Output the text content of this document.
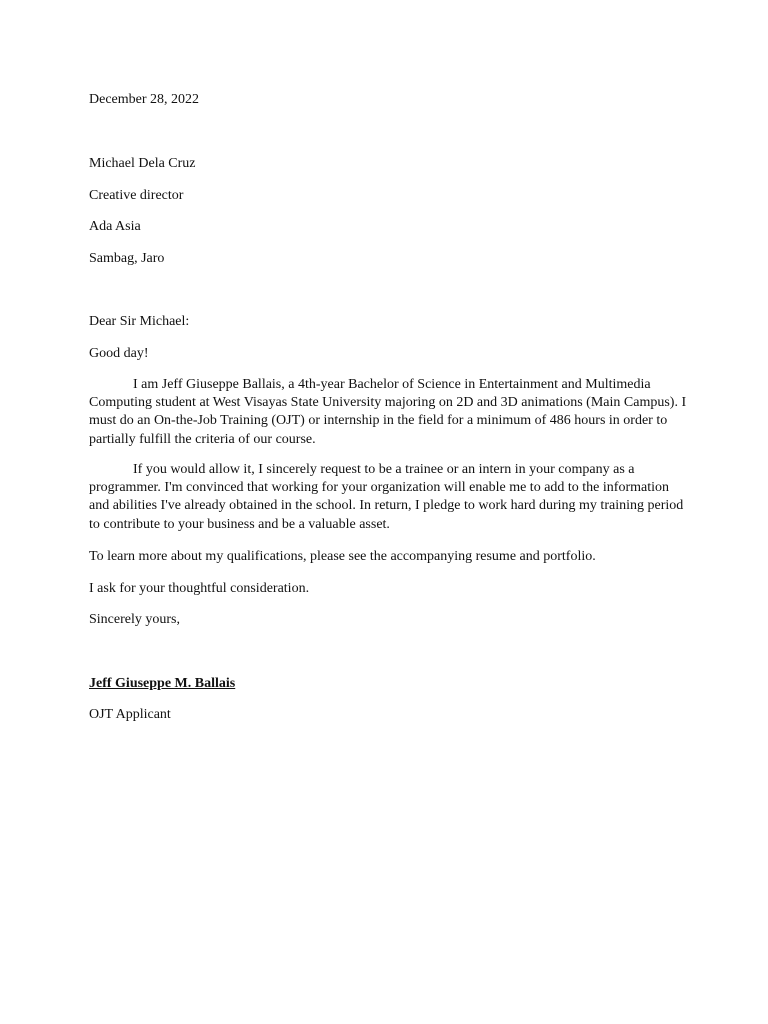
December 28, 2022
Michael Dela Cruz
Creative director
Ada Asia
Sambag, Jaro
Dear Sir Michael:
Good day!

I am Jeff Giuseppe Ballais, a 4th-year Bachelor of Science in Entertainment and Multimedia Computing student at West Visayas State University majoring on 2D and 3D animations (Main Campus). I must do an On-the-Job Training (OJT) or internship in the field for a minimum of 486 hours in order to partially fulfill the criteria of our course.

If you would allow it, I sincerely request to be a trainee or an intern in your company as a programmer. I'm convinced that working for your organization will enable me to add to the information and abilities I've already obtained in the school. In return, I pledge to work hard during my training period to contribute to your business and be a valuable asset.

To learn more about my qualifications, please see the accompanying resume and portfolio.
I ask for your thoughtful consideration.
Sincerely yours,
Jeff Giuseppe M. Ballais
OJT Applicant
